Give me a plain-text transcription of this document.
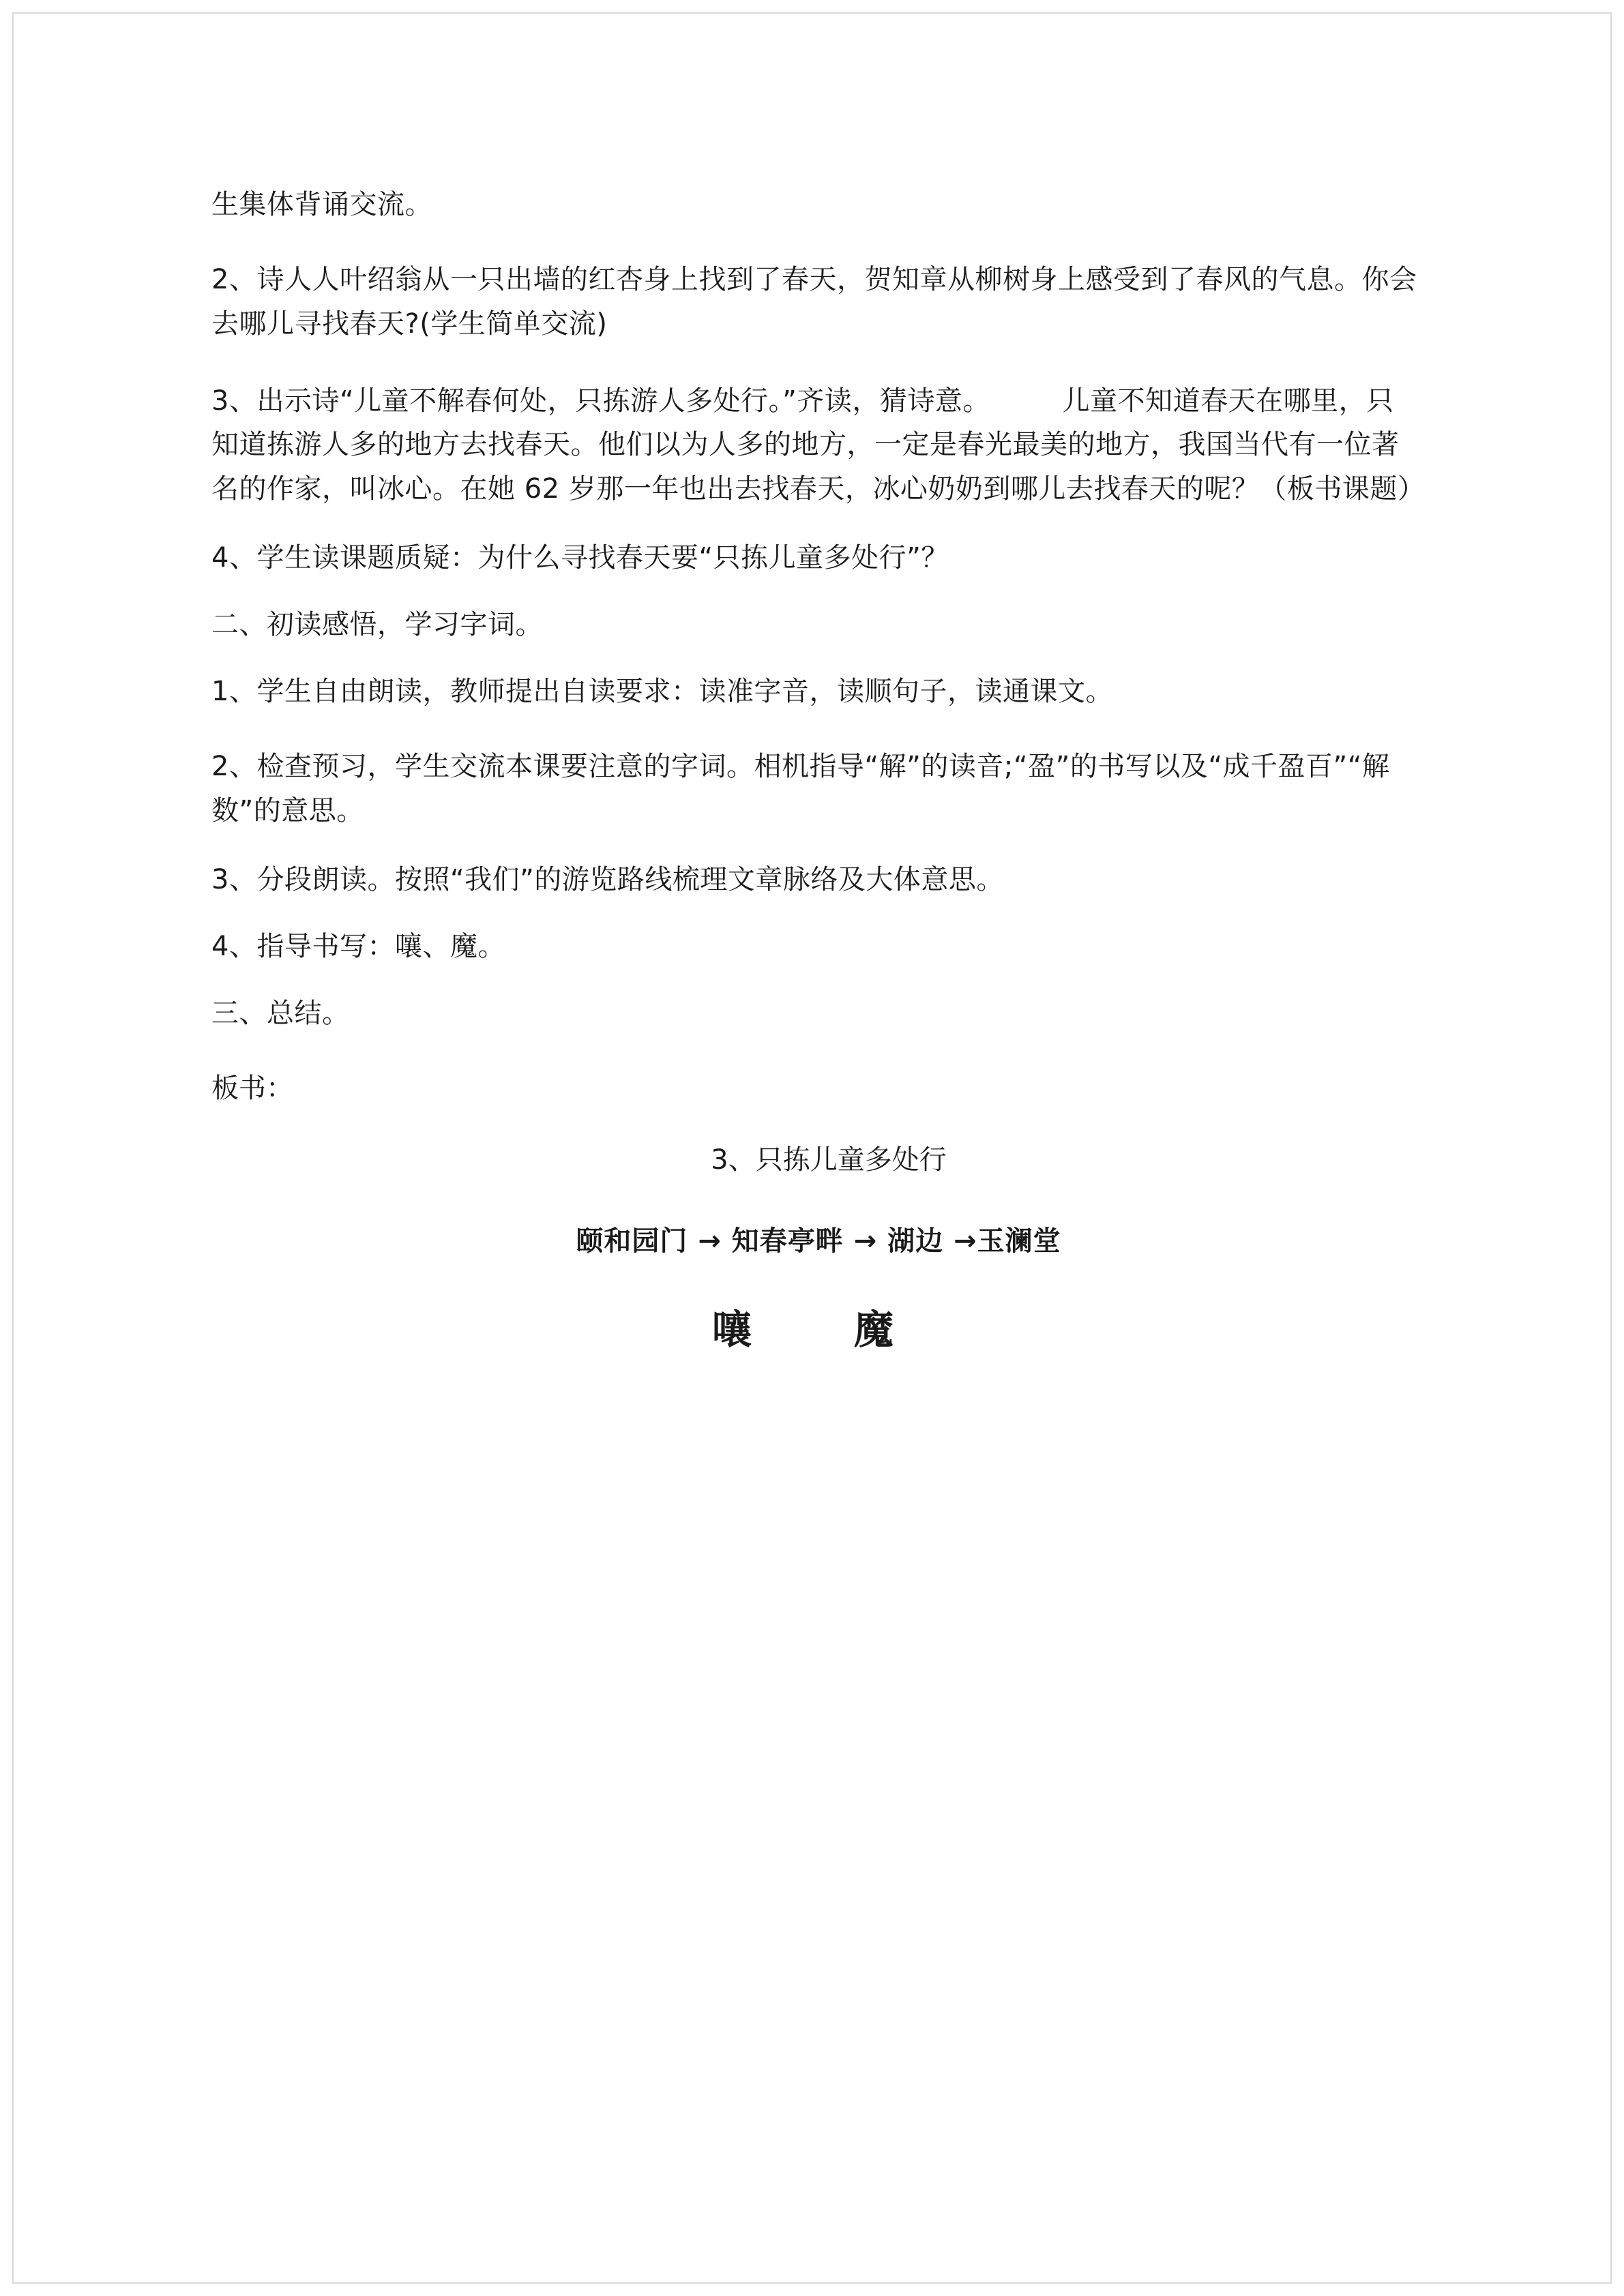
生集体背诵交流。

2、诗人人叶绍翁从一只出墙的红杏身上找到了春天，贺知章从柳树身上感受到了春风的气息。你会去哪儿寻找春天?(学生简单交流)

3、出示诗“儿童不解春何处，只拣游人多处行。”齐读，猜诗意。        儿童不知道春天在哪里，只知道拣游人多的地方去找春天。他们以为人多的地方，一定是春光最美的地方，我国当代有一位著名的作家，叫冰心。在她 62 岁那一年也出去找春天，冰心奶奶到哪儿去找春天的呢？（板书课题）

4、学生读课题质疑：为什么寻找春天要“只拣儿童多处行”？

二、初读感悟，学习字词。

1、学生自由朗读，教师提出自读要求：读准字音，读顺句子，读通课文。

2、检查预习，学生交流本课要注意的字词。相机指导“解”的读音;“盈”的书写以及“成千盈百”“解数”的意思。

3、分段朗读。按照“我们”的游览路线梳理文章脉络及大体意思。

4、指导书写：嚷、魔。

三、总结。

板书：

3、只拣儿童多处行

颐和园门 → 知春亭畔 → 湖边 →玉澜堂

嚷　魔
